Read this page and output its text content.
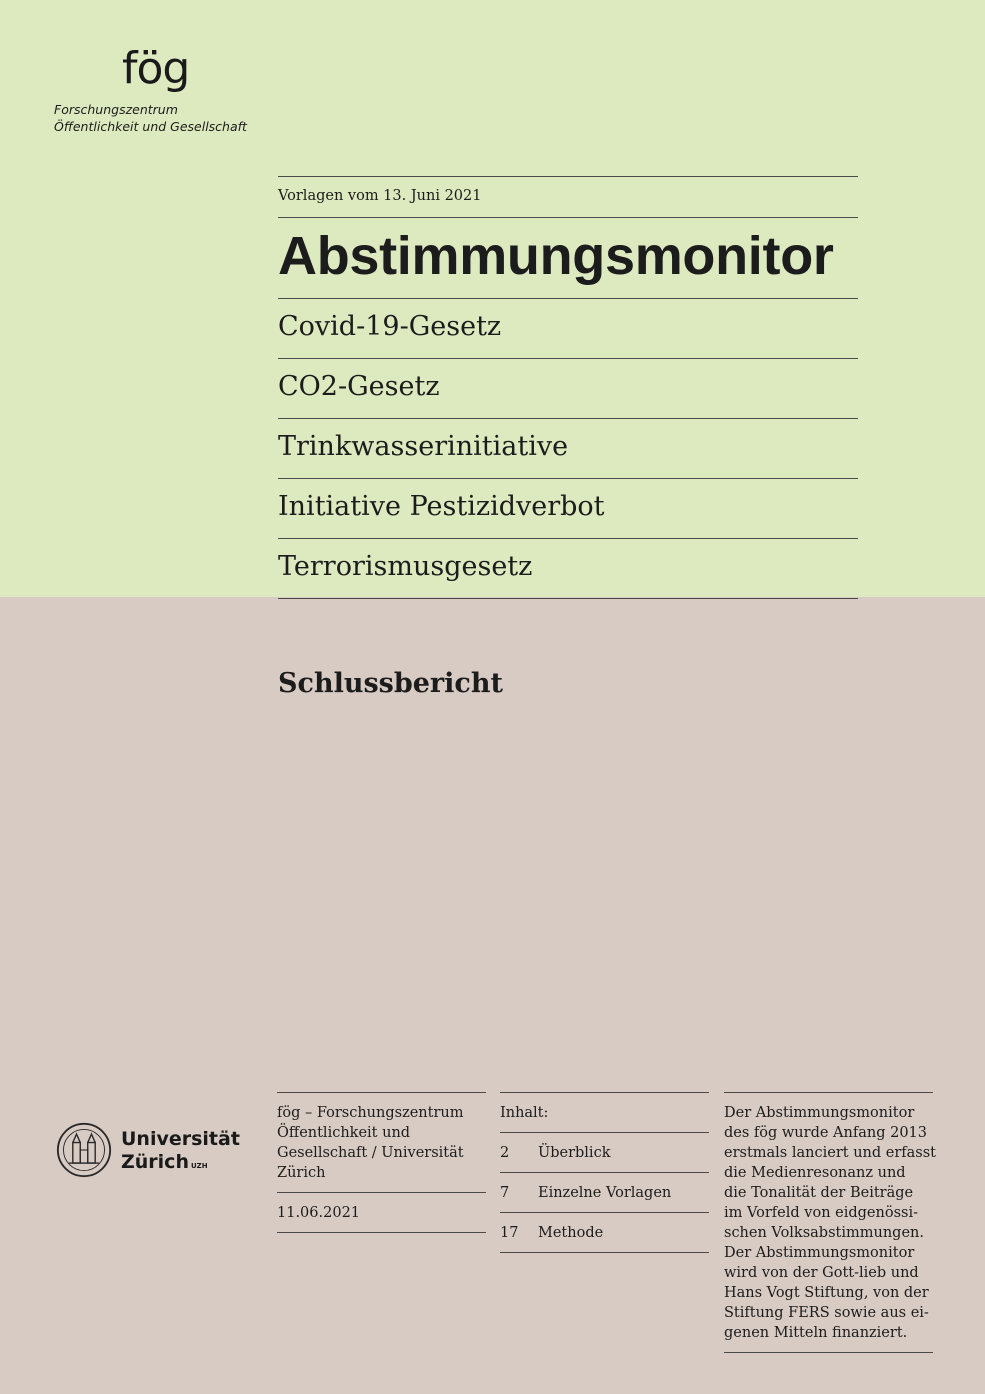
fög
Forschungszentrum
Öffentlichkeit und Gesellschaft
Vorlagen vom 13. Juni 2021
Abstimmungsmonitor
Covid-19-Gesetz
CO2-Gesetz
Trinkwasserinitiative
Initiative Pestizidverbot
Terrorismusgesetz
Schlussbericht
Universität
Zürich $^{UZH}$
fög – Forschungszentrum
Öffentlichkeit und
Gesellschaft / Universität
Zürich
11.06.2021
Inhalt:
2	Überblick
7	Einzelne Vorlagen
17	Methode
Der Abstimmungsmonitor
des fög wurde Anfang 2013
erstmals lanciert und erfasst
die Medienresonanz und
die Tonalität der Beiträge
im Vorfeld von eidgenössi-
schen Volksabstimmungen.
Der Abstimmungsmonitor
wird von der Gott-lieb und
Hans Vogt Stiftung, von der
Stiftung FERS sowie aus ei-
genen Mitteln finanziert.
